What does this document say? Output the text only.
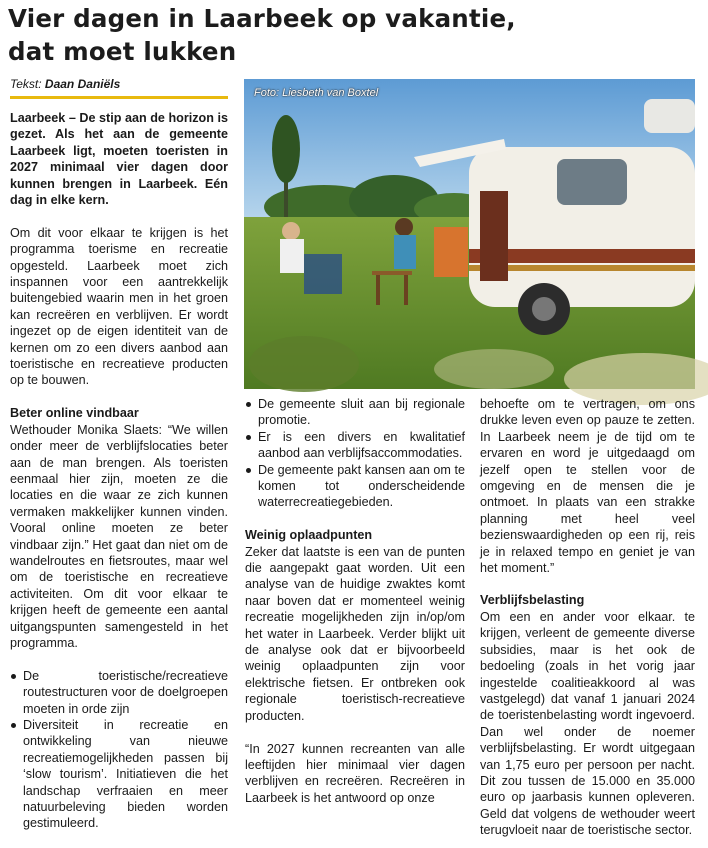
Vier dagen in Laarbeek op vakantie,
dat moet lukken
Tekst: Daan Daniëls

Laarbeek – De stip aan de horizon is gezet. Als het aan de gemeente Laarbeek ligt, moeten toeristen in 2027 minimaal vier dagen door kunnen brengen in Laarbeek. Eén dag in elke kern.

Om dit voor elkaar te krijgen is het programma toerisme en recreatie opgesteld. Laarbeek moet zich inspannen voor een aantrekkelijk buitengebied waarin men in het groen kan recreëren en verblijven. Er wordt ingezet op de eigen identiteit van de kernen om zo een divers aanbod aan toeristische en recreatieve producten op te bouwen.

Beter online vindbaar

Wethouder Monika Slaets: “We willen onder meer de verblijfslocaties beter aan de man brengen. Als toeristen eenmaal hier zijn, moeten ze die locaties en die waar ze zich kunnen vermaken makkelijker kunnen vinden. Vooral online moeten ze beter vindbaar zijn.” Het gaat dan niet om de wandelroutes en fietsroutes, maar wel om de toeristische en recreatieve activiteiten. Om dit voor elkaar te krijgen heeft de gemeente een aantal uitgangspunten samengesteld in het programma.

De toeristische/recreatieve routestructuren voor de doelgroepen moeten in orde zijn
Diversiteit in recreatie en ontwikkeling van nieuwe recreatiemogelijkheden passen bij ‘slow tourism’. Initiatieven die het landschap verfraaien en meer natuurbeleving bieden worden gestimuleerd.
Foto: Liesbeth van Boxtel
De gemeente sluit aan bij regionale promotie.
Er is een divers en kwalitatief aanbod aan verblijfsaccommodaties.
De gemeente pakt kansen aan om te komen tot onderscheidende waterrecreatiegebieden.
Weinig oplaadpunten

Zeker dat laatste is een van de punten die aangepakt gaat worden. Uit een analyse van de huidige zwaktes komt naar boven dat er momenteel weinig recreatie mogelijkheden zijn in/op/om het water in Laarbeek. Verder blijkt uit de analyse ook dat er bijvoorbeeld weinig oplaadpunten zijn voor elektrische fietsen. Er ontbreken ook regionale toeristisch-recreatieve producten.

“In 2027 kunnen recreanten van alle leeftijden hier minimaal vier dagen verblijven en recreëren. Recreëren in Laarbeek is het antwoord op onze

behoefte om te vertragen, om ons drukke leven even op pauze te zetten. In Laarbeek neem je de tijd om te ervaren en word je uitgedaagd om jezelf open te stellen voor de omgeving en de mensen die je ontmoet. In plaats van een strakke planning met heel veel bezienswaardigheden op een rij, reis je in relaxed tempo en geniet je van het moment.”
Verblijfsbelasting

Om een en ander voor elkaar. te krijgen, verleent de gemeente diverse subsidies, maar is het ook de bedoeling (zoals in het vorig jaar ingestelde coalitieakkoord al was vastgelegd) dat vanaf 1 januari 2024 de toeristenbelasting wordt ingevoerd. Dan wel onder de noemer verblijfsbelasting. Er wordt uitgegaan van 1,75 euro per persoon per nacht. Dit zou tussen de 15.000 en 35.000 euro op jaarbasis kunnen opleveren. Geld dat volgens de wethouder weert terugvloeit naar de toeristische sector.
